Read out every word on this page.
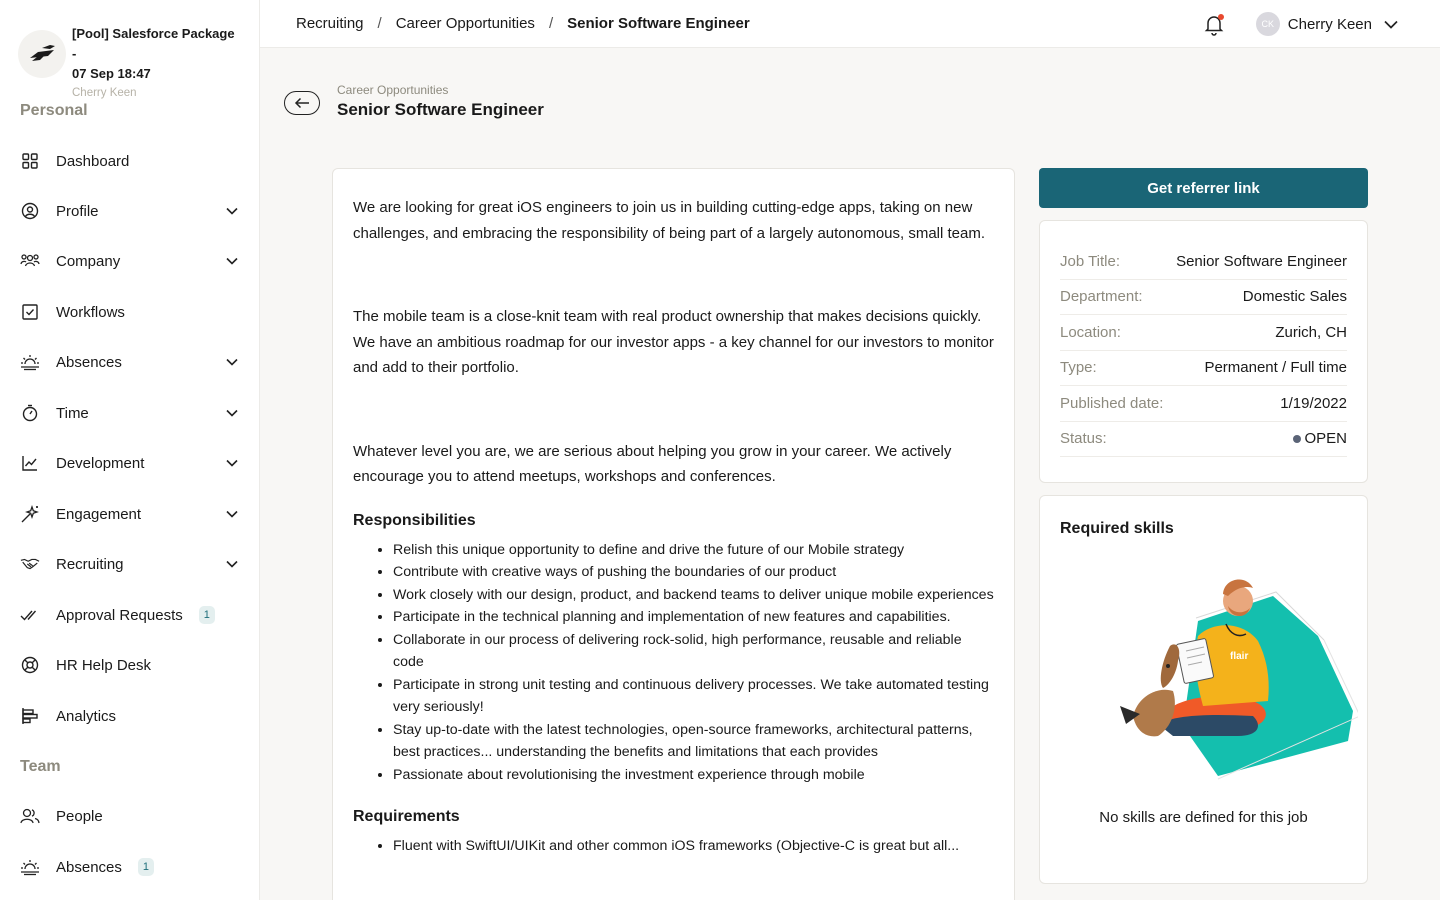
[Pool] Salesforce Package -
07 Sep 18:47
Cherry Keen
Personal
Dashboard
Profile
Company
Workflows
Absences
Time
Development
Engagement
Recruiting
Approval Requests	1
HR Help Desk
Analytics
Team
People
Absences	1
Recruiting / Career Opportunities / Senior Software Engineer	CK Cherry Keen
Career Opportunities
Senior Software Engineer

We are looking for great iOS engineers to join us in building cutting-edge apps, taking on new challenges, and embracing the responsibility of being part of a largely autonomous, small team.

The mobile team is a close-knit team with real product ownership that makes decisions quickly. We have an ambitious roadmap for our investor apps - a key channel for our investors to monitor and add to their portfolio.

Whatever level you are, we are serious about helping you grow in your career. We actively encourage you to attend meetups, workshops and conferences.

Responsibilities
• Relish this unique opportunity to define and drive the future of our Mobile strategy
• Contribute with creative ways of pushing the boundaries of our product
• Work closely with our design, product, and backend teams to deliver unique mobile experiences
• Participate in the technical planning and implementation of new features and capabilities.
• Collaborate in our process of delivering rock-solid, high performance, reusable and reliable code
• Participate in strong unit testing and continuous delivery processes. We take automated testing very seriously!
• Stay up-to-date with the latest technologies, open-source frameworks, architectural patterns, best practices... understanding the benefits and limitations that each provides
• Passionate about revolutionising the investment experience through mobile
Requirements
• Fluent with SwiftUI/UIKit and other common iOS frameworks (Objective-C is great but all...
Get referrer link
Job Title:	Senior Software Engineer
Department:	Domestic Sales
Location:	Zurich, CH
Type:	Permanent / Full time
Published date:	1/19/2022
Status:	OPEN
Required skills
flair
No skills are defined for this job
